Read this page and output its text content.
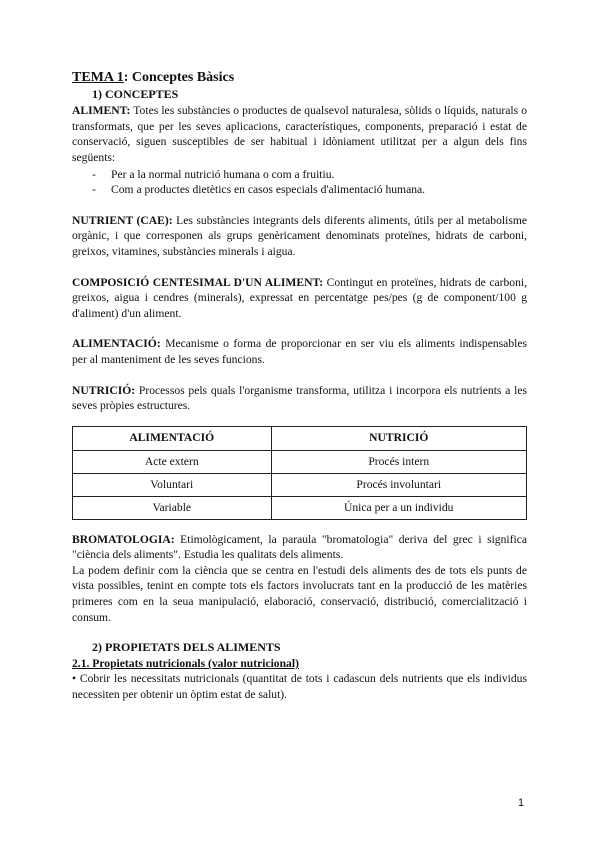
TEMA 1: Conceptes Bàsics
1) CONCEPTES

ALIMENT: Totes les substàncies o productes de qualsevol naturalesa, sòlids o líquids, naturals o transformats, que per les seves aplicacions, característiques, components, preparació i estat de conservació, siguen susceptibles de ser habitual i idòniament utilitzat per a algun dels fins següents:

- Per a la normal nutrició humana o com a fruitiu.
- Com a productes dietètics en casos especials d'alimentació humana.

NUTRIENT (CAE): Les substàncies integrants dels diferents aliments, útils per al metabolisme orgànic, i que corresponen als grups genèricament denominats proteïnes, hidrats de carboni, greixos, vitamines, substàncies minerals i aigua.

COMPOSICIÓ CENTESIMAL D'UN ALIMENT: Contingut en proteïnes, hidrats de carboni, greixos, aigua i cendres (minerals), expressat en percentatge pes/pes (g de component/100 g d'aliment) d'un aliment.

ALIMENTACIÓ: Mecanisme o forma de proporcionar en ser viu els aliments indispensables per al manteniment de les seves funcions.

NUTRICIÓ: Processos pels quals l'organisme transforma, utilitza i incorpora els nutrients a les seves pròpies estructures.

ALIMENTACIÓ	NUTRICIÓ
Acte extern	Procés intern
Voluntari	Procés involuntari
Variable	Única per a un individu

BROMATOLOGIA: Etimològicament, la paraula "bromatologia" deriva del grec i significa "ciència dels aliments". Estudia les qualitats dels aliments.

La podem definir com la ciència que se centra en l'estudi dels aliments des de tots els punts de vista possibles, tenint en compte tots els factors involucrats tant en la producció de les matèries primeres com en la seua manipulació, elaboració, conservació, distribució, comercialització i consum.

2) PROPIETATS DELS ALIMENTS
2.1. Propietats nutricionals (valor nutricional)

• Cobrir les necessitats nutricionals (quantitat de tots i cadascun dels nutrients que els individus necessiten per obtenir un òptim estat de salut).

1
